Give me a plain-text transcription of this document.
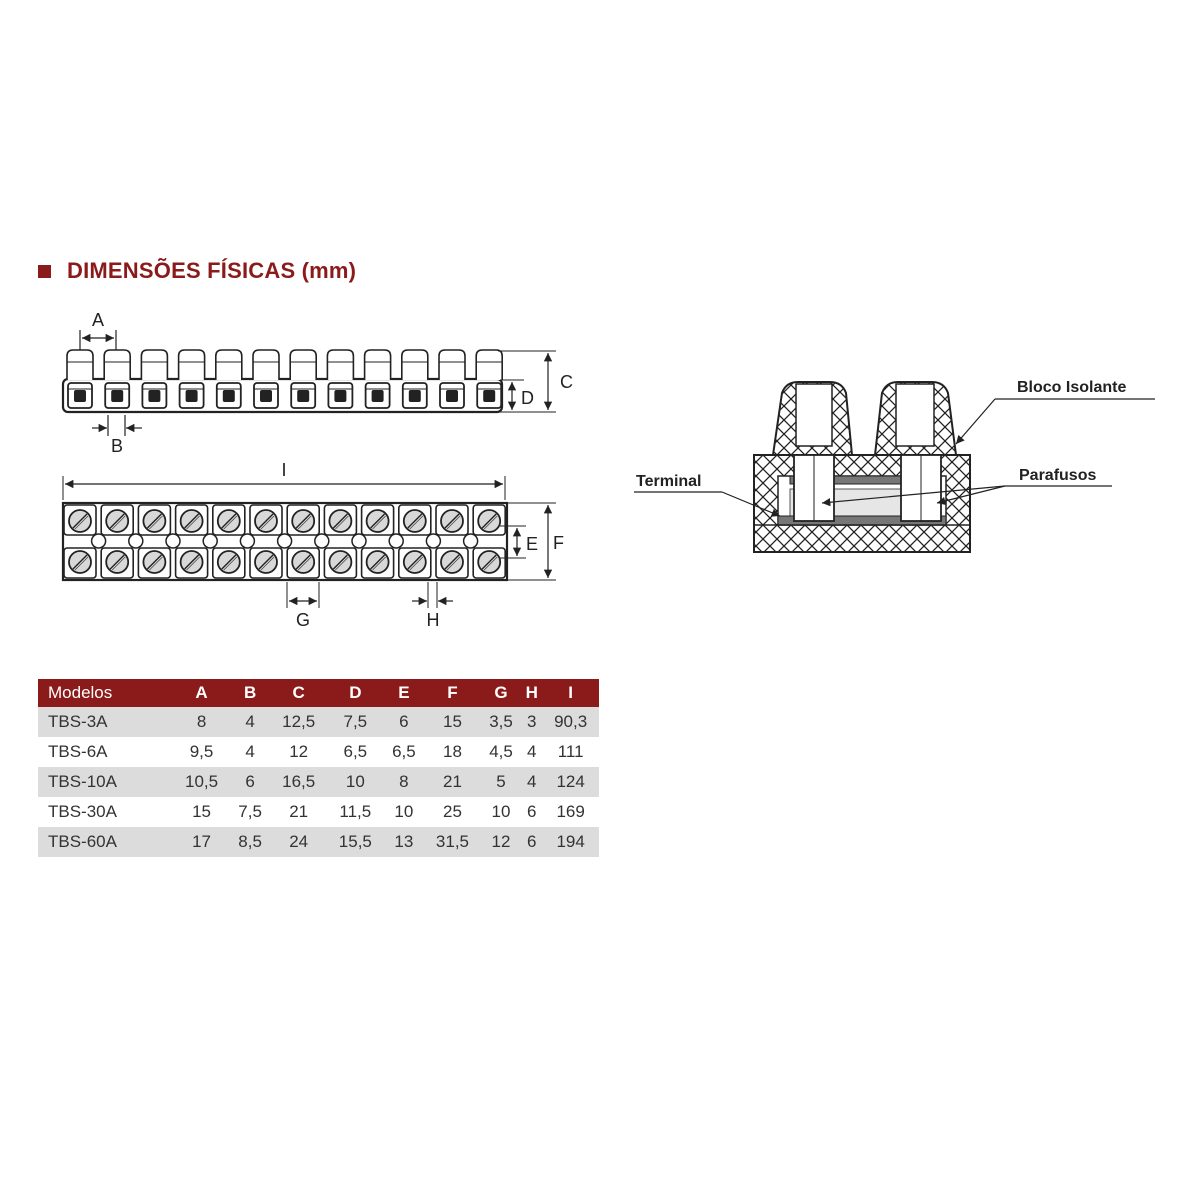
DIMENSÕES FÍSICAS (mm)
A
B
C
D
I
E F
G	H
Bloco Isolante
Terminal	Parafusos
Modelos	A	B	C	D	E	F	G	H	I
TBS-3A	8	4	12,5	7,5	6	15	3,5	3	90,3
TBS-6A	9,5	4	12	6,5	6,5	18	4,5	4	111
TBS-10A	10,5	6	16,5	10	8	21	5	4	124
TBS-30A	15	7,5	21	11,5	10	25	10	6	169
TBS-60A	17	8,5	24	15,5	13	31,5	12	6	194
